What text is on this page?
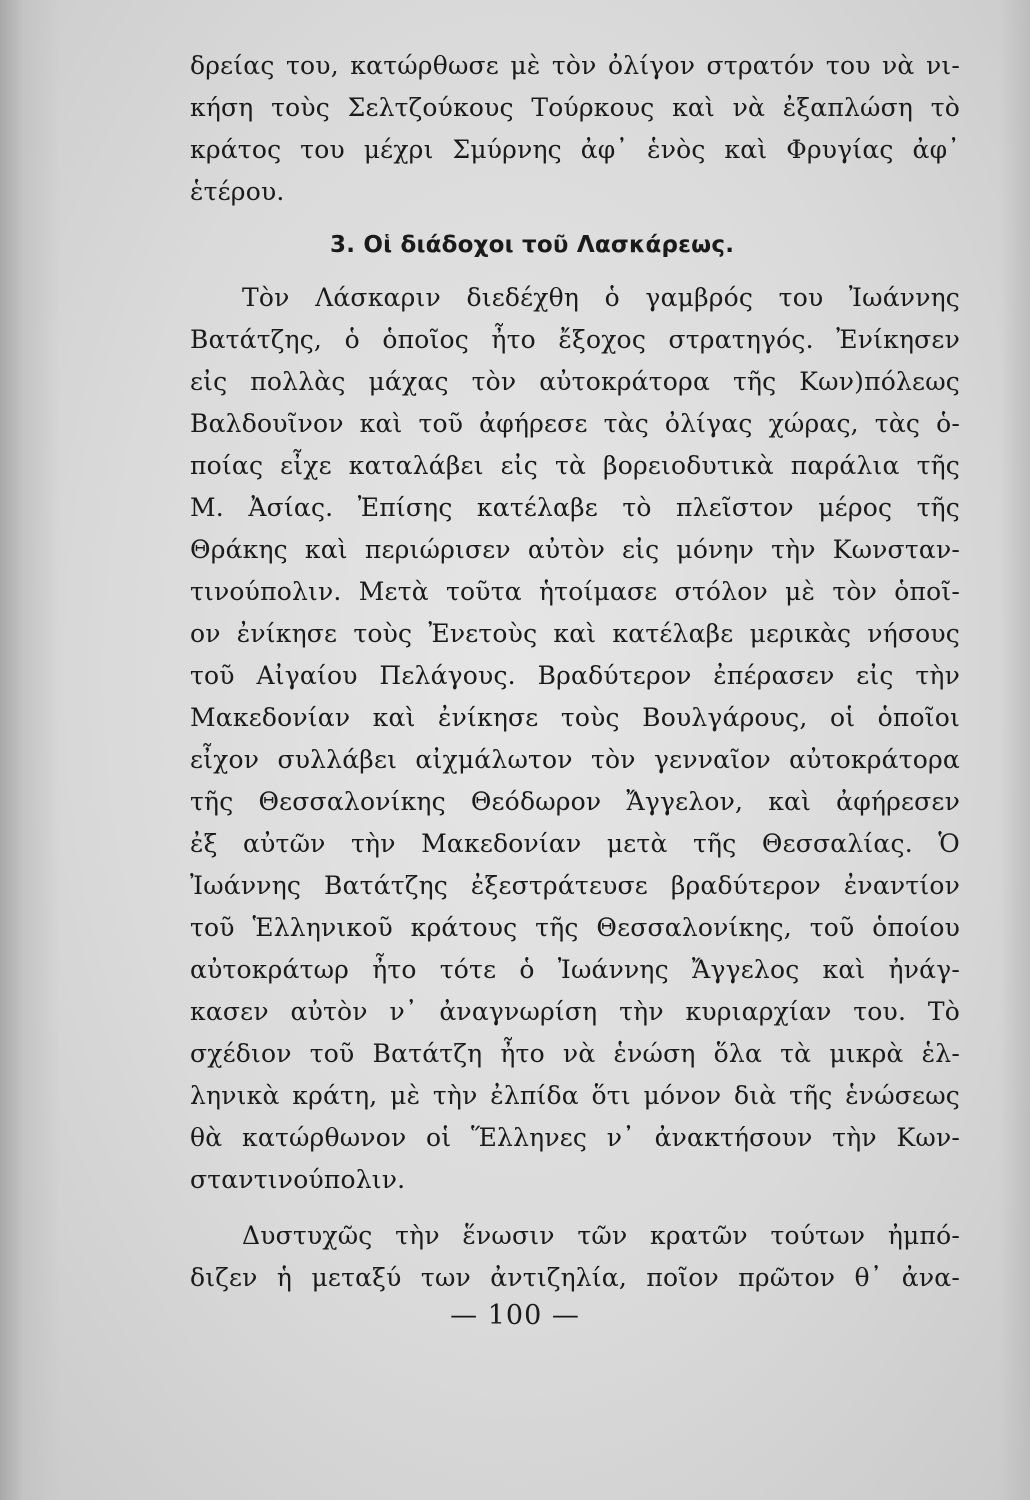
δρείας του, κατώρθωσε μὲ τὸν ὀλίγον στρατόν του νὰ νι-
κήση τοὺς Σελτζούκους Τούρκους καὶ νὰ ἐξαπλώση τὸ
κράτος του μέχρι Σμύρνης ἀφ᾽ ἑνὸς καὶ Φρυγίας ἀφ᾽
ἑτέρου.
3. Οἱ διάδοχοι τοῦ Λασκάρεως.
Τὸν Λάσκαριν διεδέχθη ὁ γαμβρός του Ἰωάννης
Βατάτζης, ὁ ὁποῖος ἦτο ἔξοχος στρατηγός. Ἐνίκησεν
εἰς πολλὰς μάχας τὸν αὐτοκράτορα τῆς Κων)πόλεως
Βαλδουῖνον καὶ τοῦ ἀφήρεσε τὰς ὀλίγας χώρας, τὰς ὁ-
ποίας εἶχε καταλάβει εἰς τὰ βορειοδυτικὰ παράλια τῆς
Μ. Ἀσίας. Ἐπίσης κατέλαβε τὸ πλεῖστον μέρος τῆς
Θράκης καὶ περιώρισεν αὐτὸν εἰς μόνην τὴν Κωνσταν-
τινούπολιν. Μετὰ τοῦτα ἡτοίμασε στόλον μὲ τὸν ὁποῖ-
ον ἐνίκησε τοὺς Ἐνετοὺς καὶ κατέλαβε μερικὰς νήσους
τοῦ Αἰγαίου Πελάγους. Βραδύτερον ἐπέρασεν εἰς τὴν
Μακεδονίαν καὶ ἐνίκησε τοὺς Βουλγάρους, οἱ ὁποῖοι
εἶχον συλλάβει αἰχμάλωτον τὸν γενναῖον αὐτοκράτορα
τῆς Θεσσαλονίκης Θεόδωρον Ἄγγελον, καὶ ἀφήρεσεν
ἐξ αὐτῶν τὴν Μακεδονίαν μετὰ τῆς Θεσσαλίας. Ὁ
Ἰωάννης Βατάτζης ἐξεστράτευσε βραδύτερον ἐναντίον
τοῦ Ἑλληνικοῦ κράτους τῆς Θεσσαλονίκης, τοῦ ὁποίου
αὐτοκράτωρ ἦτο τότε ὁ Ἰωάννης Ἄγγελος καὶ ἠνάγ-
κασεν αὐτὸν ν᾽ ἀναγνωρίση τὴν κυριαρχίαν του. Τὸ
σχέδιον τοῦ Βατάτζη ἦτο νὰ ἑνώση ὅλα τὰ μικρὰ ἑλ-
ληνικὰ κράτη, μὲ τὴν ἐλπίδα ὅτι μόνον διὰ τῆς ἑνώσεως
θὰ κατώρθωνον οἱ Ἕλληνες ν᾽ ἀνακτήσουν τὴν Κων-
σταντινούπολιν.
Δυστυχῶς τὴν ἕνωσιν τῶν κρατῶν τούτων ἠμπό-
διζεν ἡ μεταξύ των ἀντιζηλία, ποῖον πρῶτον θ᾽ ἀνα-
— 100 —
